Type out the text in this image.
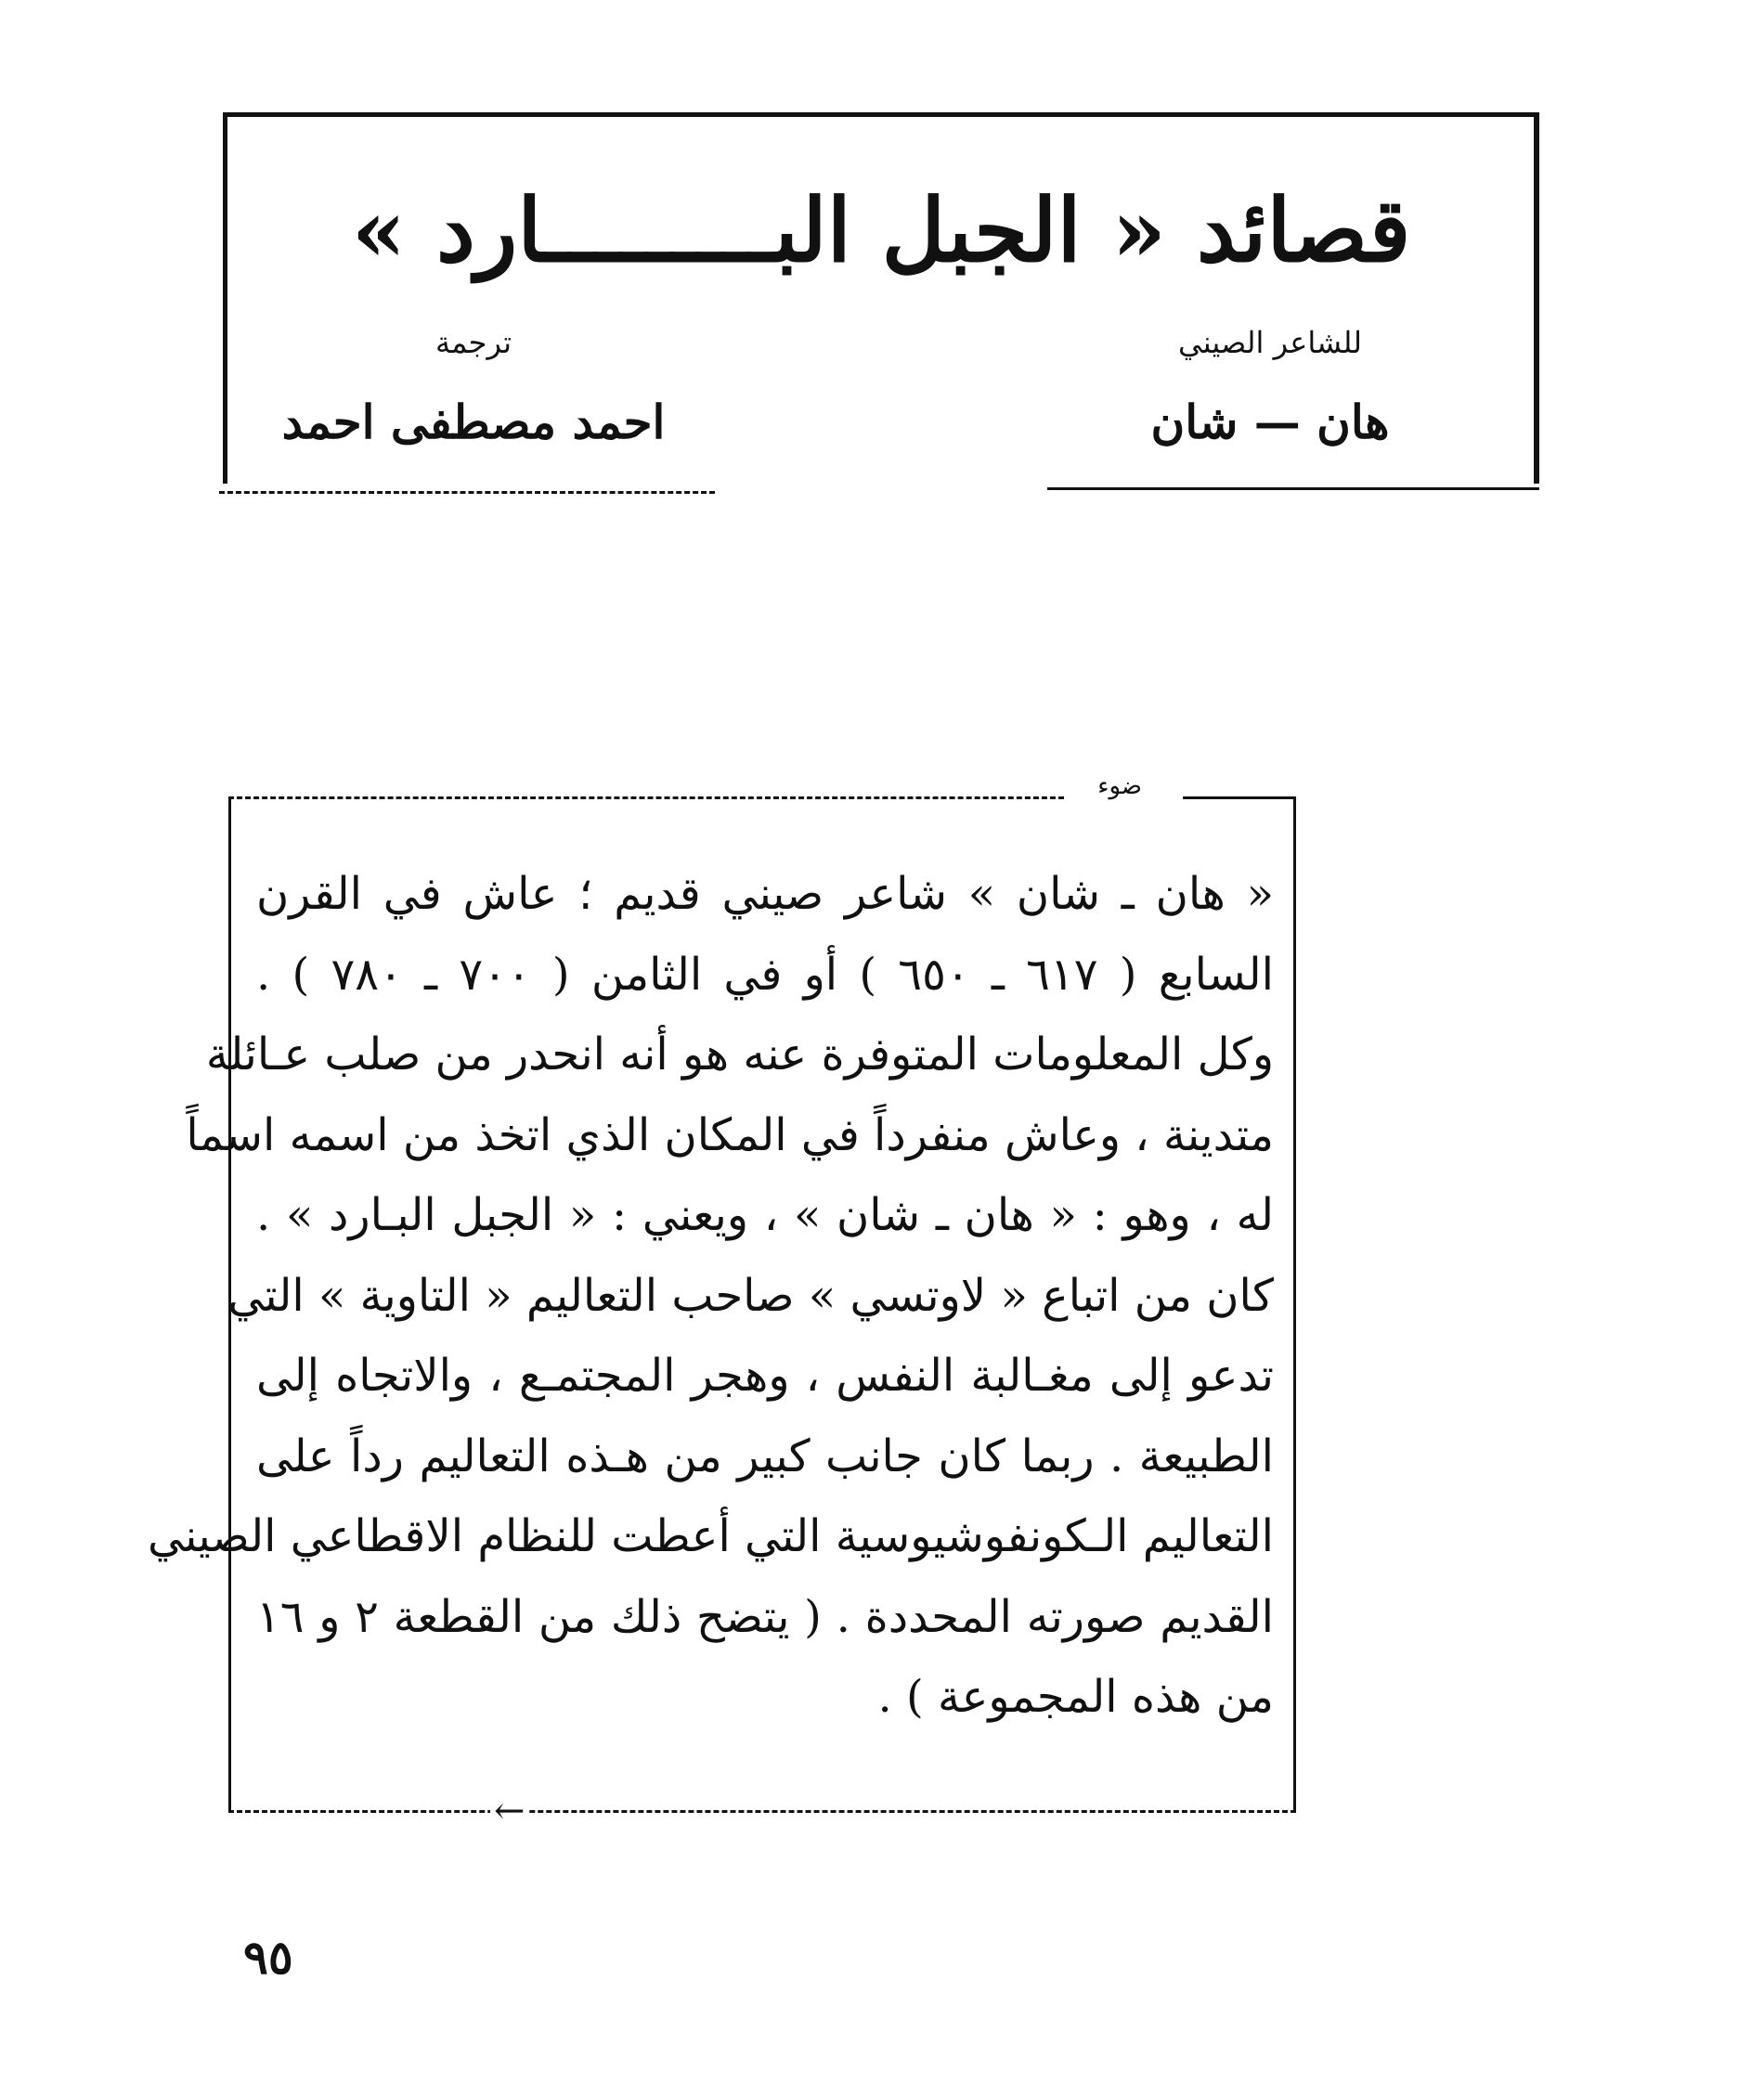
قصائد « الجبل البـــــــــارد »
للشاعر الصيني
هان — شان
ترجمة
احمد مصطفى احمد
ضوء
←
« هان ـ شان » شاعر صيني قديم ؛ عاش في القرن
السابع ( ٦١٧ ـ ٦٥٠ ) أو في الثامن ( ٧٠٠ ـ ٧٨٠ ) .
وكل المعلومات المتوفرة عنه هو أنه انحدر من صلب عـائلة
متدينة ، وعاش منفرداً في المكان الذي اتخذ من اسمه اسماً
له ، وهو : « هان ـ شان » ، ويعني : « الجبل البـارد » .
كان من اتباع « لاوتسي » صاحب التعاليم « التاوية » التي
تدعو إلى مغـالبة النفس ، وهجر المجتمـع ، والاتجاه إلى
الطبيعة . ربما كان جانب كبير من هـذه التعاليم رداً على
التعاليم الـكونفوشيوسية التي أعطت للنظام الاقطاعي الصيني
القديم صورته المحددة . ( يتضح ذلك من القطعة ٢ و ١٦
من هذه المجموعة ) .
٩٥
